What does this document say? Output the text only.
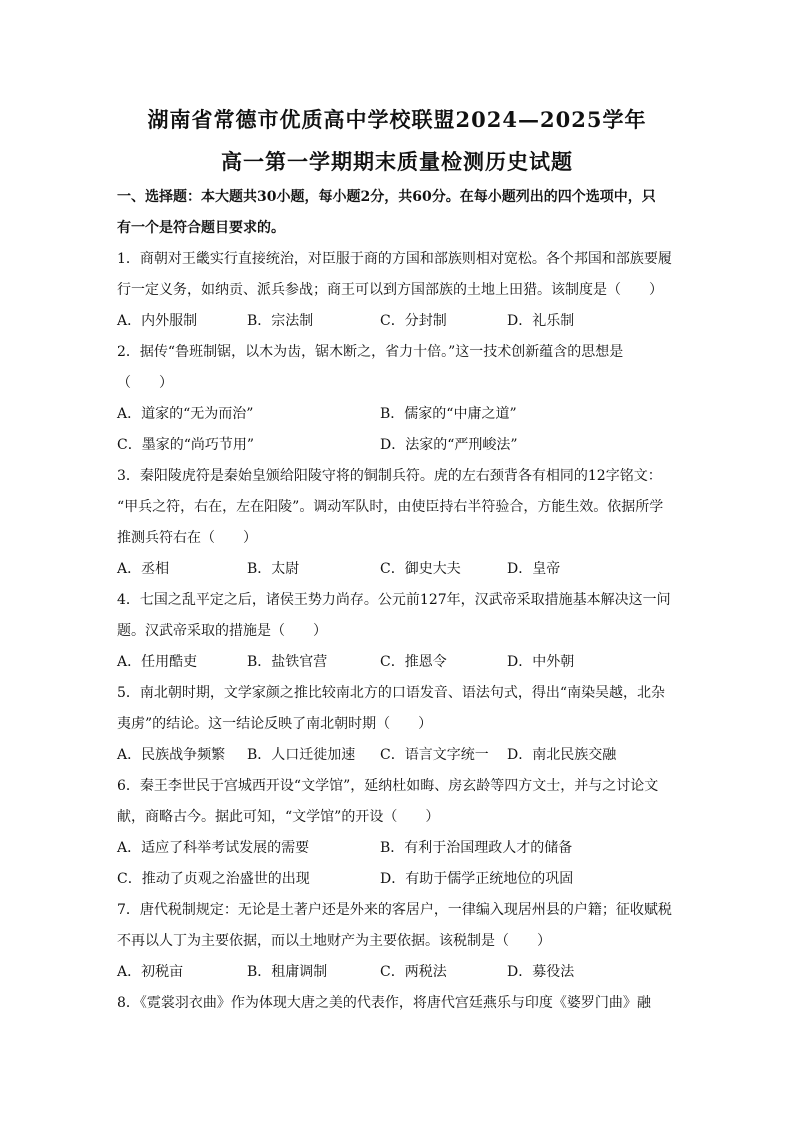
湖南省常德市优质高中学校联盟2024—2025学年
高一第一学期期末质量检测历史试题
一、选择题：本大题共30小题，每小题2分，共60分。在每小题列出的四个选项中，只
有一个是符合题目要求的。
1．商朝对王畿实行直接统治，对臣服于商的方国和部族则相对宽松。各个邦国和部族要履
行一定义务，如纳贡、派兵参战；商王可以到方国部族的土地上田猎。该制度是（　　）
A．内外服制	B．宗法制	C．分封制	D．礼乐制
2．据传“鲁班制锯，以木为齿，锯木断之，省力十倍。”这一技术创新蕴含的思想是
（　　）
A．道家的“无为而治”	B．儒家的“中庸之道”
C．墨家的“尚巧节用”	D．法家的“严刑峻法”
3．秦阳陵虎符是秦始皇颁给阳陵守将的铜制兵符。虎的左右颈背各有相同的12字铭文：
“甲兵之符，右在，左在阳陵”。调动军队时，由使臣持右半符验合，方能生效。依据所学
推测兵符右在（　　）
A．丞相	B．太尉	C．御史大夫	D．皇帝
4．七国之乱平定之后，诸侯王势力尚存。公元前127年，汉武帝采取措施基本解决这一问
题。汉武帝采取的措施是（　　）
A．任用酷吏	B．盐铁官营	C．推恩令	D．中外朝
5．南北朝时期，文学家颜之推比较南北方的口语发音、语法句式，得出“南染吴越，北杂
夷虏”的结论。这一结论反映了南北朝时期（　　）
A．民族战争频繁 B．人口迁徙加速 C．语言文字统一 D．南北民族交融
6．秦王李世民于宫城西开设“文学馆”，延纳杜如晦、房玄龄等四方文士，并与之讨论文
献，商略古今。据此可知，“文学馆”的开设（　　）
A．适应了科举考试发展的需要	B．有利于治国理政人才的储备
C．推动了贞观之治盛世的出现	D．有助于儒学正统地位的巩固
7．唐代税制规定：无论是土著户还是外来的客居户，一律编入现居州县的户籍；征收赋税
不再以人丁为主要依据，而以土地财产为主要依据。该税制是（　　）
A．初税亩	B．租庸调制	C．两税法	D．募役法
8．《霓裳羽衣曲》作为体现大唐之美的代表作，将唐代宫廷燕乐与印度《婆罗门曲》融
